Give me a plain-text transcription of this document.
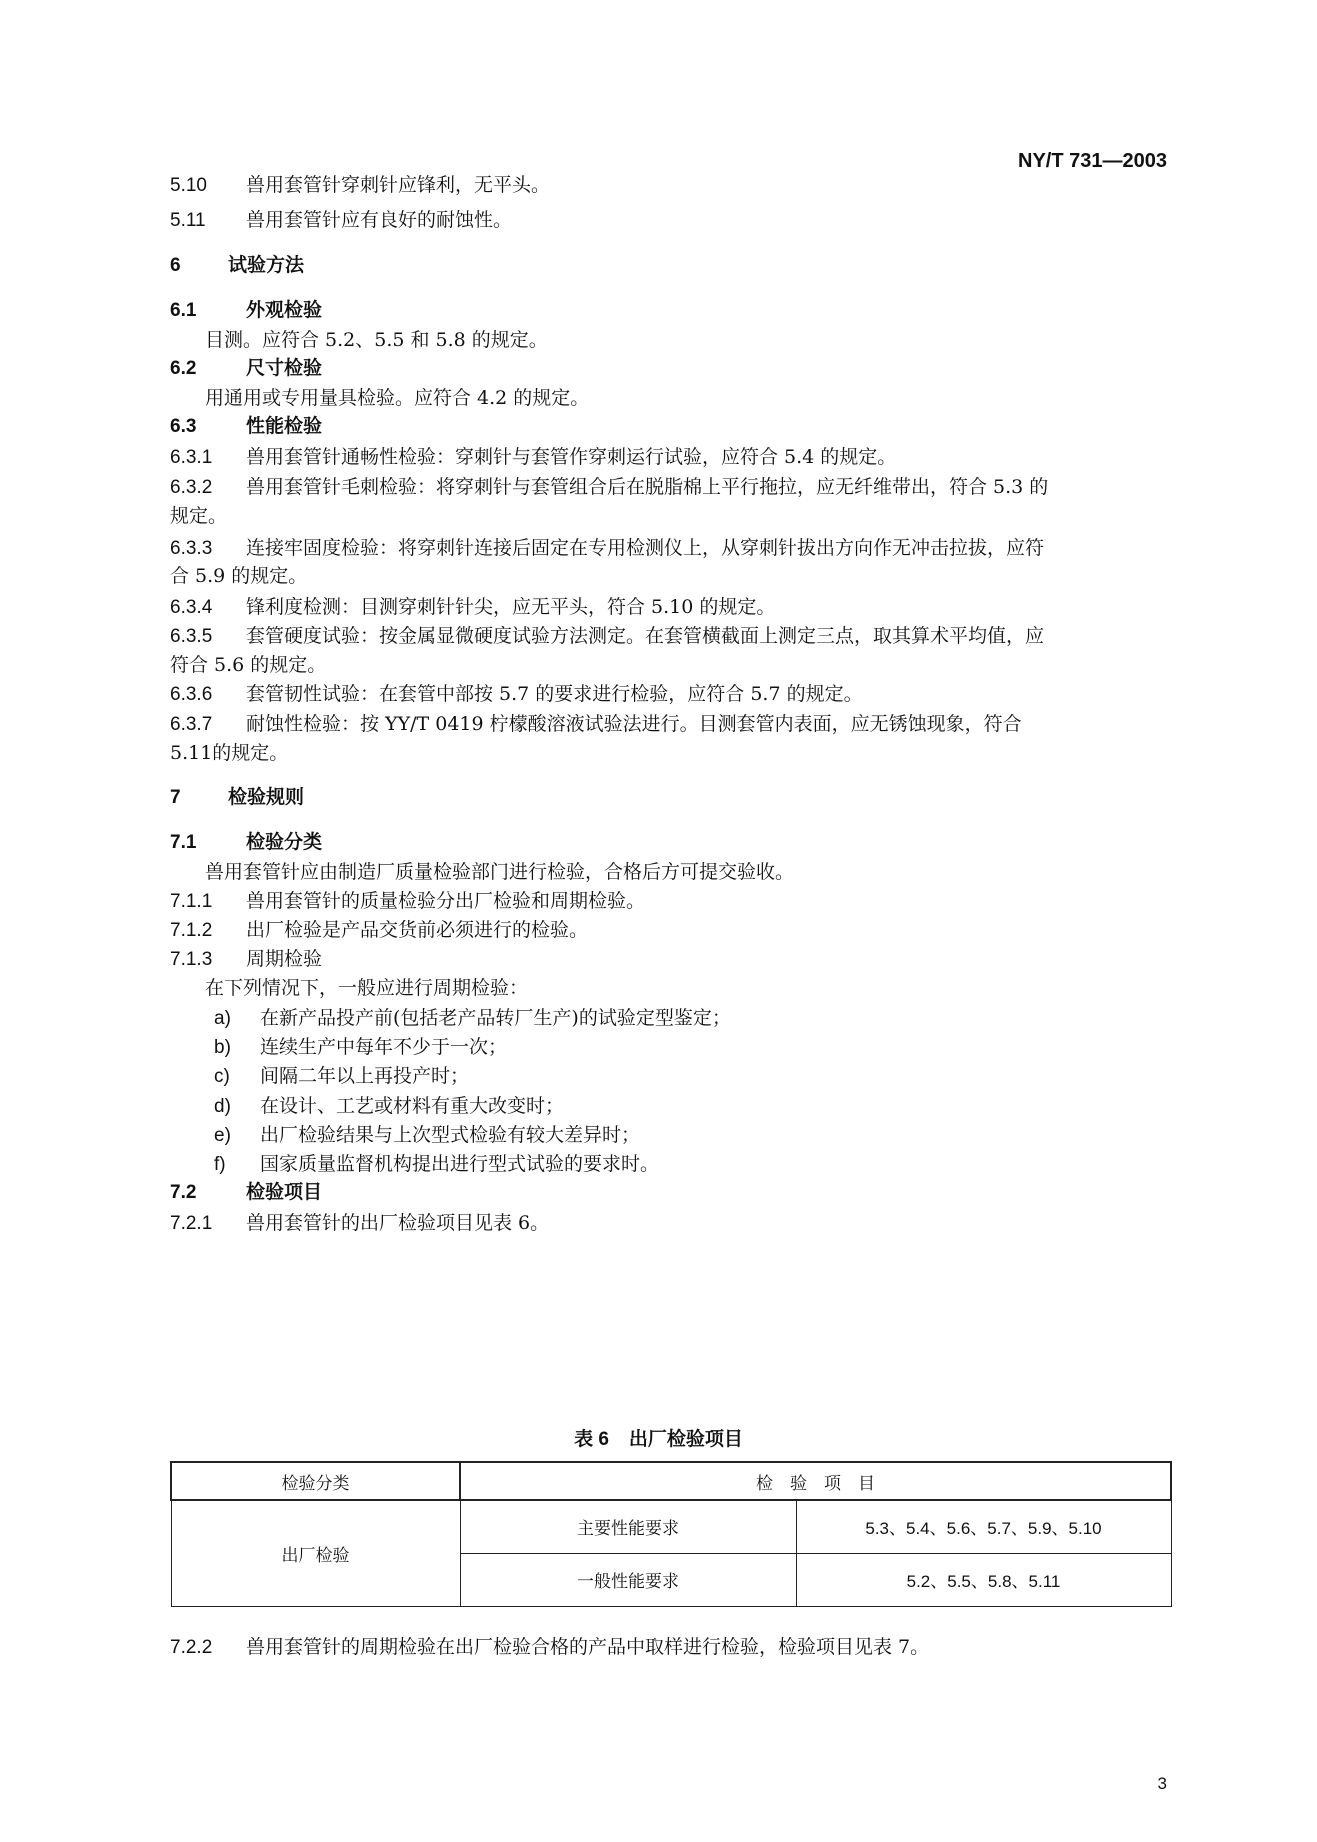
NY/T 731—2003
5.10 兽用套管针穿刺针应锋利，无平头。
5.11 兽用套管针应有良好的耐蚀性。
6 试验方法
6.1	外观检验
目测。应符合 5.2、5.5 和 5.8 的规定。
6.2	尺寸检验
用通用或专用量具检验。应符合 4.2 的规定。
6.3	性能检验
6.3.1 兽用套管针通畅性检验：穿刺针与套管作穿刺运行试验，应符合 5.4 的规定。
6.3.2 兽用套管针毛刺检验：将穿刺针与套管组合后在脱脂棉上平行拖拉，应无纤维带出，符合 5.3 的
规定。
6.3.3 连接牢固度检验：将穿刺针连接后固定在专用检测仪上，从穿刺针拔出方向作无冲击拉拔，应符
合 5.9 的规定。
6.3.4 锋利度检测：目测穿刺针针尖，应无平头，符合 5.10 的规定。
6.3.5 套管硬度试验：按金属显微硬度试验方法测定。在套管横截面上测定三点，取其算术平均值，应
符合 5.6 的规定。
6.3.6 套管韧性试验：在套管中部按 5.7 的要求进行检验，应符合 5.7 的规定。
6.3.7 耐蚀性检验：按 YY/T 0419 柠檬酸溶液试验法进行。目测套管内表面，应无锈蚀现象，符合
5.11的规定。
7 检验规则
7.1	检验分类
兽用套管针应由制造厂质量检验部门进行检验，合格后方可提交验收。
7.1.1 兽用套管针的质量检验分出厂检验和周期检验。
7.1.2 出厂检验是产品交货前必须进行的检验。
7.1.3 周期检验
在下列情况下，一般应进行周期检验：
a) 在新产品投产前(包括老产品转厂生产)的试验定型鉴定；
b) 连续生产中每年不少于一次；
c) 间隔二年以上再投产时；
d) 在设计、工艺或材料有重大改变时；
e) 出厂检验结果与上次型式检验有较大差异时；
f) 国家质量监督机构提出进行型式试验的要求时。
7.2	检验项目
7.2.1 兽用套管针的出厂检验项目见表 6。
表 6 出厂检验项目
检验分类	检　验　项　目	
出厂检验	主要性能要求	5.3、5.4、5.6、5.7、5.9、5.10
	一般性能要求	5.2、5.5、5.8、5.11
7.2.2 兽用套管针的周期检验在出厂检验合格的产品中取样进行检验，检验项目见表 7。
3
